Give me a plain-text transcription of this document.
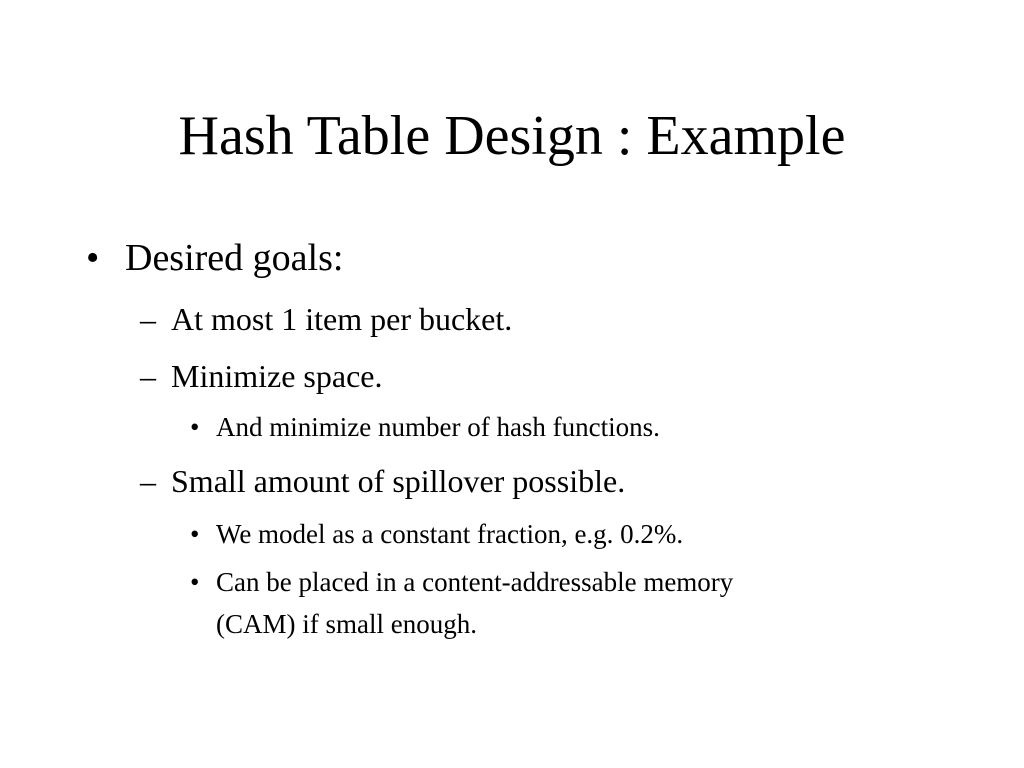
Hash Table Design : Example
• Desired goals:
– At most 1 item per bucket.
– Minimize space.
• And minimize number of hash functions.
– Small amount of spillover possible.
• We model as a constant fraction, e.g. 0.2%.
• Can be placed in a content-addressable memory
(CAM) if small enough.
